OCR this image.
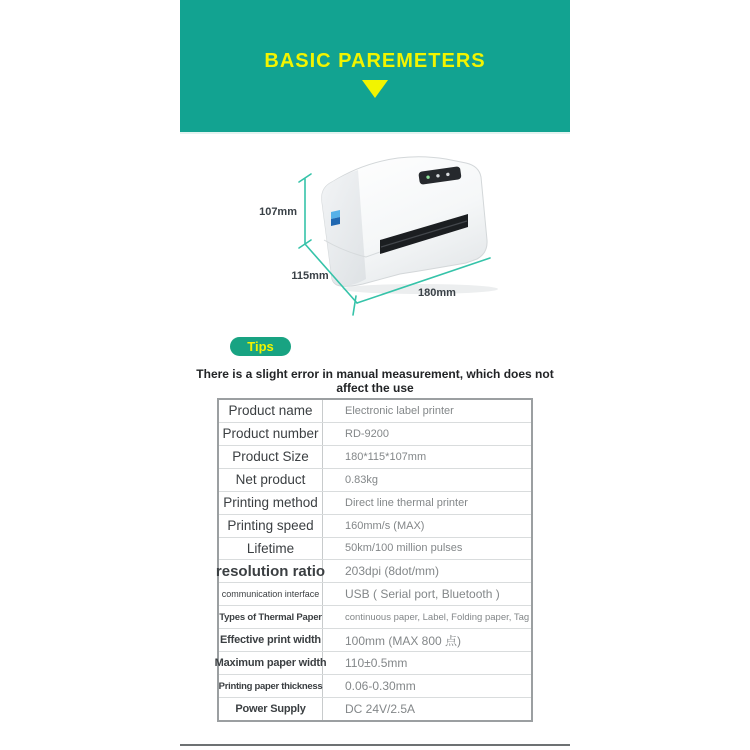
BASIC PAREMETERS
107mm
115mm
180mm
Tips

There is a slight error in manual measurement, which does not affect the use

Product name	Electronic label printer
Product number	RD-9200
Product Size	180*115*107mm
Net product	0.83kg
Printing method	Direct line thermal printer
Printing speed	160mm/s (MAX)
Lifetime	50km/100 million pulses
resolution ratio	203dpi (8dot/mm)
communication interface	USB ( Serial port, Bluetooth )
Types of Thermal Paper	continuous paper, Label, Folding paper, Tag
Effective print width	100mm (MAX 800 点)
Maximum paper width	110±0.5mm
Printing paper thickness	0.06-0.30mm
Power Supply	DC 24V/2.5A
